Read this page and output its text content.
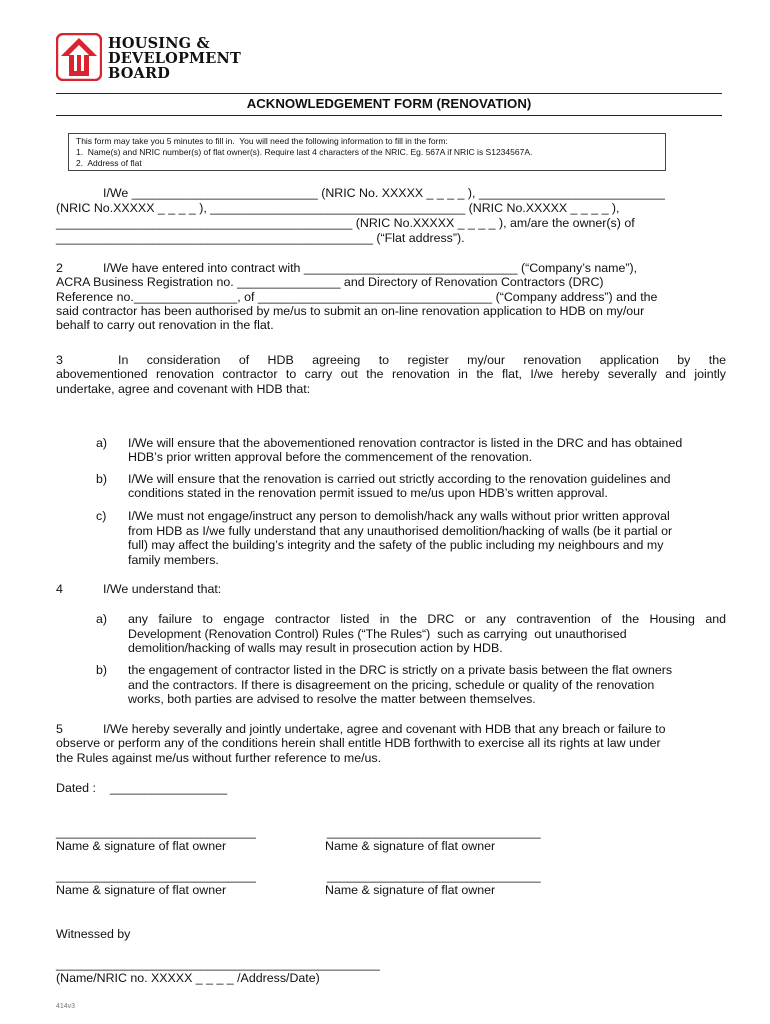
HOUSING &
DEVELOPMENT
BOARD
ACKNOWLEDGEMENT FORM (RENOVATION)
This form may take you 5 minutes to fill in.  You will need the following information to fill in the form:
1.  Name(s) and NRIC number(s) of flat owner(s). Require last 4 characters of the NRIC. Eg. 567A if NRIC is S1234567A.
2.  Address of flat
I/We ___________________________ (NRIC No. XXXXX _ _ _ _ ), ___________________________
(NRIC No.XXXXX _ _ _ _ ), _____________________________________ (NRIC No.XXXXX _ _ _ _ ),
___________________________________________ (NRIC No.XXXXX _ _ _ _ ), am/are the owner(s) of
______________________________________________ (“Flat address”).
2	I/We have entered into contract with _______________________________ (“Company’s name”),
ACRA Business Registration no. _______________ and Directory of Renovation Contractors (DRC)
Reference no._______________, of __________________________________ (“Company address”) and the
said contractor has been authorised by me/us to submit an on-line renovation application to HDB on my/our
behalf to carry out renovation in the flat.
3	In consideration of HDB agreeing to register my/our renovation application by the
abovementioned renovation contractor to carry out the renovation in the flat, I/we hereby severally and jointly
undertake, agree and covenant with HDB that:
a) I/We will ensure that the abovementioned renovation contractor is listed in the DRC and has obtained
HDB’s prior written approval before the commencement of the renovation.
b) I/We will ensure that the renovation is carried out strictly according to the renovation guidelines and
conditions stated in the renovation permit issued to me/us upon HDB’s written approval.
c) I/We must not engage/instruct any person to demolish/hack any walls without prior written approval
from HDB as I/we fully understand that any unauthorised demolition/hacking of walls (be it partial or
full) may affect the building’s integrity and the safety of the public including my neighbours and my
family members.
4	I/We understand that:
a) any failure to engage contractor listed in the DRC or any contravention of the Housing and
Development (Renovation Control) Rules (“The Rules“)  such as carrying  out unauthorised
demolition/hacking of walls may result in prosecution action by HDB.
b) the engagement of contractor listed in the DRC is strictly on a private basis between the flat owners
and the contractors. If there is disagreement on the pricing, schedule or quality of the renovation
works, both parties are advised to resolve the matter between themselves.
5	I/We hereby severally and jointly undertake, agree and covenant with HDB that any breach or failure to
observe or perform any of the conditions herein shall entitle HDB forthwith to exercise all its rights at law under
the Rules against me/us without further reference to me/us.
Dated : _________________
_____________________________	_______________________________
Name & signature of flat owner	Name & signature of flat owner
_____________________________	_______________________________
Name & signature of flat owner	Name & signature of flat owner
Witnessed by
_______________________________________________
(Name/NRIC no. XXXXX _ _ _ _ /Address/Date)
414v3
